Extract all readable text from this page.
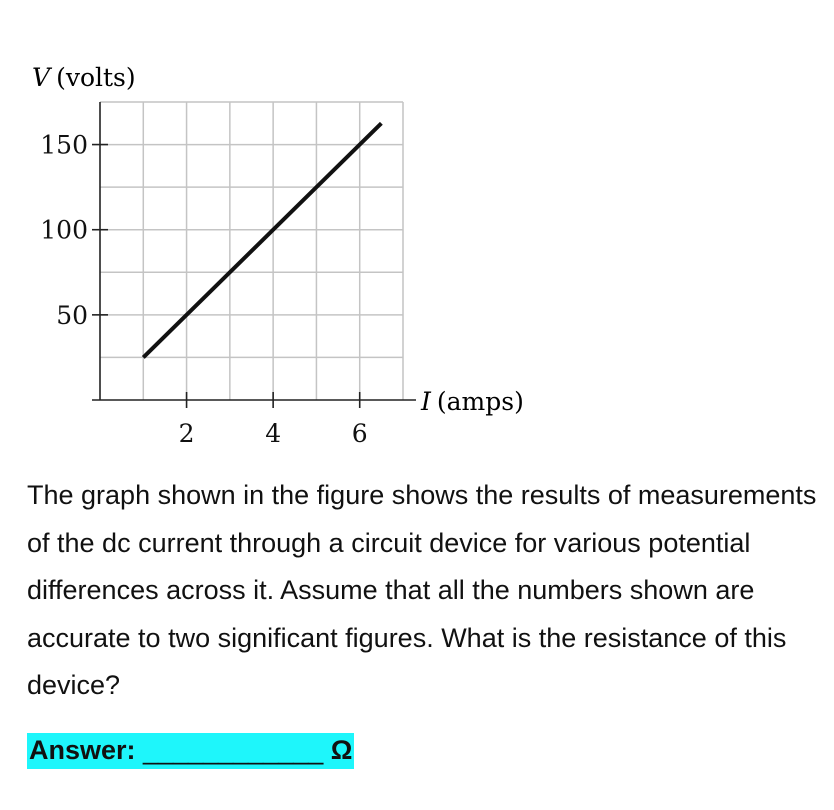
50
100
150
2	4	6
V (volts)
I (amps)
The graph shown in the figure shows the results of measurements of the dc current through a circuit device for various potential differences across it. Assume that all the numbers shown are accurate to two significant figures. What is the resistance of this device?
Answer: ____________ Ω
